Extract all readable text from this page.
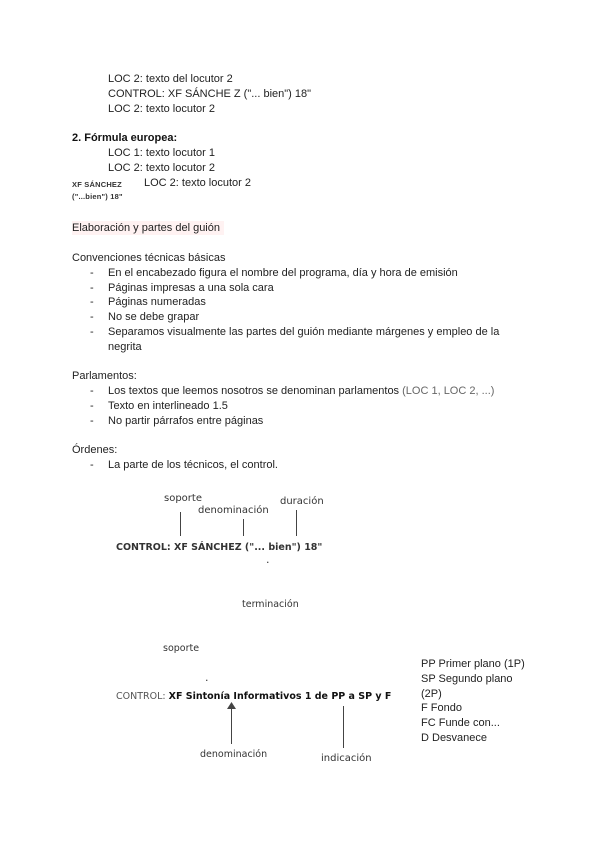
LOC 2: texto del locutor 2
CONTROL: XF SÁNCHE Z ("... bien") 18"
LOC 2: texto locutor 2
2. Fórmula europea:
LOC 1: texto locutor 1
LOC 2: texto locutor 2
XF SÁNCHEZ
("...bien") 18"
LOC 2: texto locutor 2
Elaboración y partes del guión
Convenciones técnicas básicas
- En el encabezado figura el nombre del programa, día y hora de emisión
- Páginas impresas a una sola cara
- Páginas numeradas
- No se debe grapar
- Separamos visualmente las partes del guión mediante márgenes y empleo de la
negrita
Parlamentos:
- Los textos que leemos nosotros se denominan parlamentos (LOC 1, LOC 2, ...)
- Texto en interlineado 1.5
- No partir párrafos entre páginas
Órdenes:
- La parte de los técnicos, el control.
soporte
denominación
duración
CONTROL: XF SÁNCHEZ ("... bien") 18"
·
terminación
soporte
·
CONTROL: XF Sintonía Informativos 1 de PP a SP y F
denominación	indicación
PP Primer plano (1P)
SP Segundo plano
(2P)
F Fondo
FC Funde con...
D Desvanece
